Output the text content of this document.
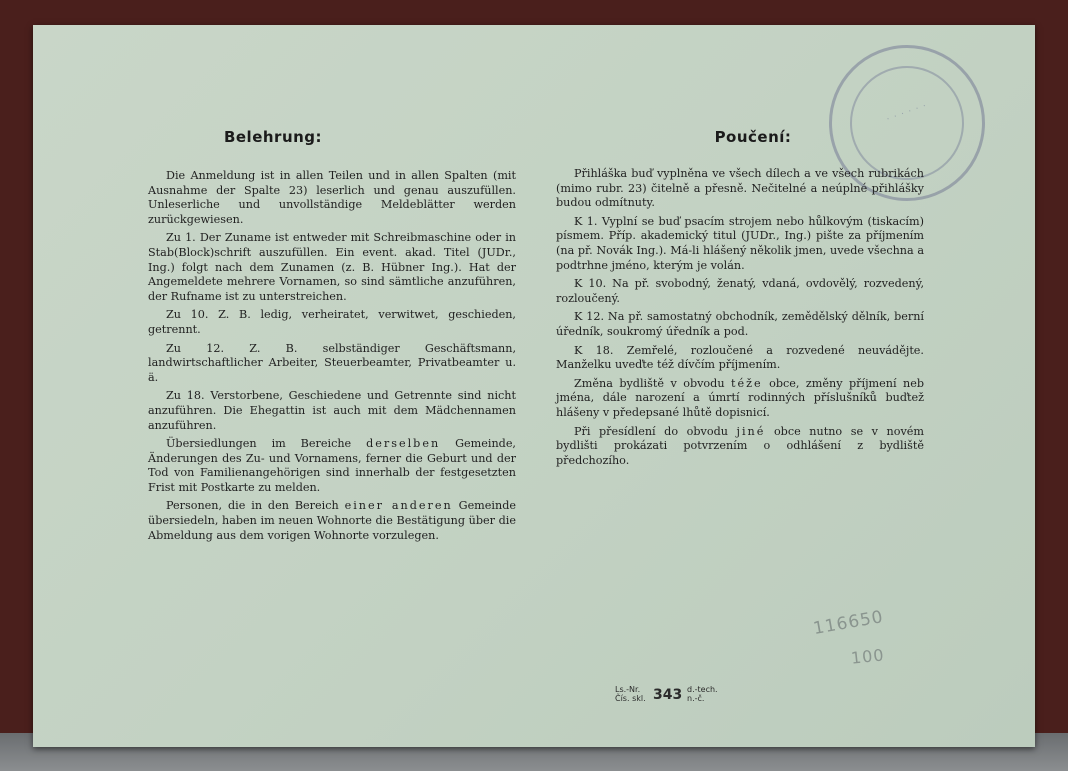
· · · · · ·
Belehrung:	Poučení:

Die Anmeldung ist in allen Teilen und in allen Spalten (mit Ausnahme der Spalte 23) leserlich und genau auszufüllen. Unleserliche und unvollständige Meldeblätter werden zurückgewiesen.

Zu 1. Der Zuname ist entweder mit Schreibmaschine oder in Stab(Block)schrift auszufüllen. Ein event. akad. Titel (JUDr., Ing.) folgt nach dem Zunamen (z. B. Hübner Ing.). Hat der Angemeldete mehrere Vornamen, so sind sämtliche anzuführen, der Rufname ist zu unterstreichen.

Zu 10. Z. B. ledig, verheiratet, verwitwet, geschieden, getrennt.

Zu 12. Z. B. selbständiger Geschäftsmann, landwirtschaftlicher Arbeiter, Steuerbeamter, Privatbeamter u. ä.

Zu 18. Verstorbene, Geschiedene und Getrennte sind nicht anzuführen. Die Ehegattin ist auch mit dem Mädchennamen anzuführen.

Übersiedlungen im Bereiche derselben Gemeinde, Änderungen des Zu- und Vornamens, ferner die Geburt und der Tod von Familienangehörigen sind innerhalb der festgesetzten Frist mit Postkarte zu melden.

Personen, die in den Bereich einer anderen Gemeinde übersiedeln, haben im neuen Wohnorte die Bestätigung über die Abmeldung aus dem vorigen Wohnorte vorzulegen.

Přihláška buď vyplněna ve všech dílech a ve všech rubrikách (mimo rubr. 23) čitelně a přesně. Nečitelné a neúplné přihlášky budou odmítnuty.

K 1. Vyplní se buď psacím strojem nebo hůlkovým (tiskacím) písmem. Příp. akademický titul (JUDr., Ing.) pište za příjmením (na př. Novák Ing.). Má-li hlášený několik jmen, uvede všechna a podtrhne jméno, kterým je volán.

K 10. Na př. svobodný, ženatý, vdaná, ovdovělý, rozvedený, rozloučený.

K 12. Na př. samostatný obchodník, zemědělský dělník, berní úředník, soukromý úředník a pod.

K 18. Zemřelé, rozloučené a rozvedené neuvádějte. Manželku uveďte též dívčím příjmením.

Změna bydliště v obvodu téže obce, změny příjmení neb jména, dále narození a úmrtí rodinných příslušníků buďtež hlášeny v předepsané lhůtě dopisnicí.

Při přesídlení do obvodu jiné obce nutno se v novém bydlišti prokázati potvrzením o odhlášení z bydliště předchozího.

116650
100
Ls.-Nr. Čís. skl. 343 d.-tech. n.-č.
